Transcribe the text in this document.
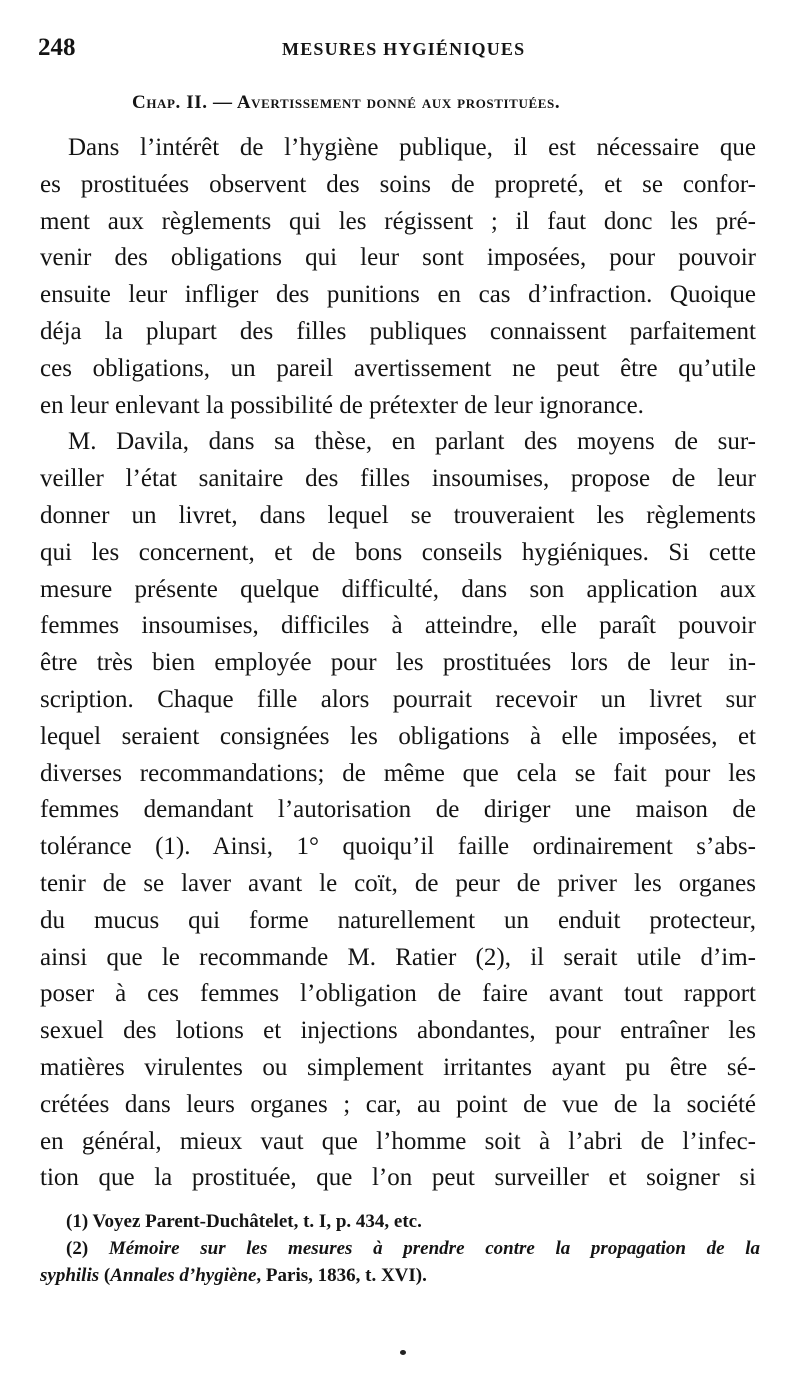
248	MESURES HYGIÉNIQUES
Chap. II. — Avertissement donné aux prostituées.
Dans l’intérêt de l’hygiène publique, il est nécessaire que
es prostituées observent des soins de propreté, et se confor-
ment aux règlements qui les régissent ; il faut donc les pré-
venir des obligations qui leur sont imposées, pour pouvoir
ensuite leur infliger des punitions en cas d’infraction. Quoique
déja la plupart des filles publiques connaissent parfaitement
ces obligations, un pareil avertissement ne peut être qu’utile
en leur enlevant la possibilité de prétexter de leur ignorance.
M. Davila, dans sa thèse, en parlant des moyens de sur-
veiller l’état sanitaire des filles insoumises, propose de leur
donner un livret, dans lequel se trouveraient les règlements
qui les concernent, et de bons conseils hygiéniques. Si cette
mesure présente quelque difficulté, dans son application aux
femmes insoumises, difficiles à atteindre, elle paraît pouvoir
être très bien employée pour les prostituées lors de leur in-
scription. Chaque fille alors pourrait recevoir un livret sur
lequel seraient consignées les obligations à elle imposées, et
diverses recommandations; de même que cela se fait pour les
femmes demandant l’autorisation de diriger une maison de
tolérance (1). Ainsi, 1° quoiqu’il faille ordinairement s’abs-
tenir de se laver avant le coït, de peur de priver les organes
du mucus qui forme naturellement un enduit protecteur,
ainsi que le recommande M. Ratier (2), il serait utile d’im-
poser à ces femmes l’obligation de faire avant tout rapport
sexuel des lotions et injections abondantes, pour entraîner les
matières virulentes ou simplement irritantes ayant pu être sé-
crétées dans leurs organes ; car, au point de vue de la société
en général, mieux vaut que l’homme soit à l’abri de l’infec-
tion que la prostituée, que l’on peut surveiller et soigner si
(1) Voyez Parent-Duchâtelet, t. I, p. 434, etc.
(2) Mémoire sur les mesures à prendre contre la propagation de la
syphilis (Annales d’hygiène, Paris, 1836, t. XVI).
